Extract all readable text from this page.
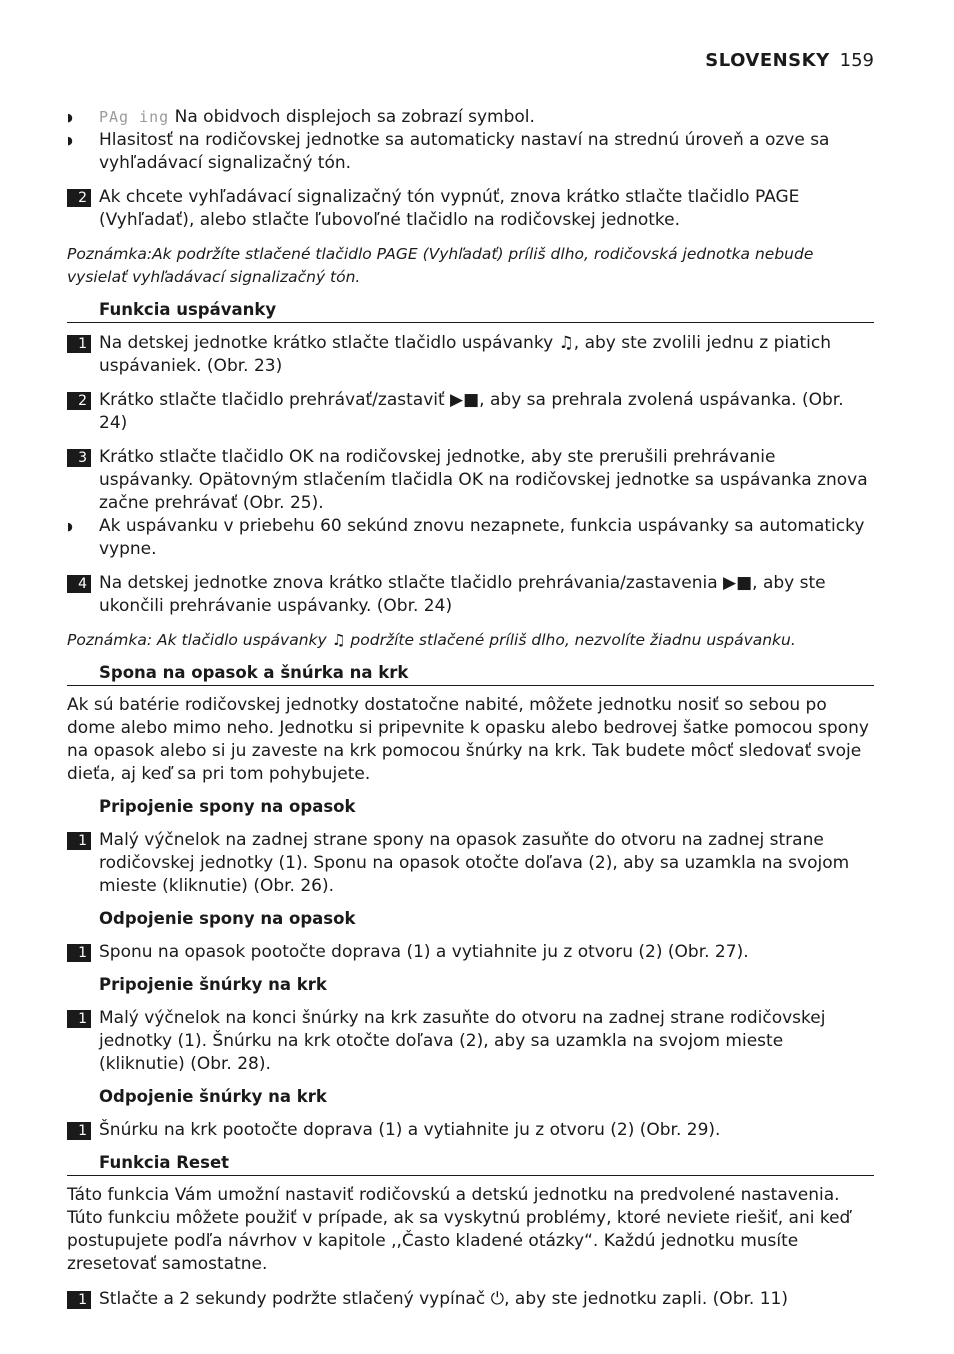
SLOVENSKY 159
◗ PAg ing Na obidvoch displejoch sa zobrazí symbol.
◗ Hlasitosť na rodičovskej jednotke sa automaticky nastaví na strednú úroveň a ozve sa vyhľadávací signalizačný tón.
2 Ak chcete vyhľadávací signalizačný tón vypnúť, znova krátko stlačte tlačidlo PAGE (Vyhľadať), alebo stlačte ľubovoľné tlačidlo na rodičovskej jednotke.
Poznámka:Ak podržíte stlačené tlačidlo PAGE (Vyhľadať) príliš dlho, rodičovská jednotka nebude vysielať vyhľadávací signalizačný tón.
Funkcia uspávanky
1 Na detskej jednotke krátko stlačte tlačidlo uspávanky ♫, aby ste zvolili jednu z piatich uspávaniek. (Obr. 23)
2 Krátko stlačte tlačidlo prehrávať/zastaviť ▶■, aby sa prehrala zvolená uspávanka. (Obr. 24)
3 Krátko stlačte tlačidlo OK na rodičovskej jednotke, aby ste prerušili prehrávanie uspávanky. Opätovným stlačením tlačidla OK na rodičovskej jednotke sa uspávanka znova začne prehrávať (Obr. 25).
◗ Ak uspávanku v priebehu 60 sekúnd znovu nezapnete, funkcia uspávanky sa automaticky vypne.
4 Na detskej jednotke znova krátko stlačte tlačidlo prehrávania/zastavenia ▶■, aby ste ukončili prehrávanie uspávanky. (Obr. 24)
Poznámka: Ak tlačidlo uspávanky ♫ podržíte stlačené príliš dlho, nezvolíte žiadnu uspávanku.
Spona na opasok a šnúrka na krk
Ak sú batérie rodičovskej jednotky dostatočne nabité, môžete jednotku nosiť so sebou po dome alebo mimo neho. Jednotku si pripevnite k opasku alebo bedrovej šatke pomocou spony na opasok alebo si ju zaveste na krk pomocou šnúrky na krk. Tak budete môcť sledovať svoje dieťa, aj keď sa pri tom pohybujete.
Pripojenie spony na opasok
1 Malý výčnelok na zadnej strane spony na opasok zasuňte do otvoru na zadnej strane rodičovskej jednotky (1). Sponu na opasok otočte doľava (2), aby sa uzamkla na svojom mieste (kliknutie) (Obr. 26).
Odpojenie spony na opasok
1 Sponu na opasok pootočte doprava (1) a vytiahnite ju z otvoru (2) (Obr. 27).
Pripojenie šnúrky na krk
1 Malý výčnelok na konci šnúrky na krk zasuňte do otvoru na zadnej strane rodičovskej jednotky (1). Šnúrku na krk otočte doľava (2), aby sa uzamkla na svojom mieste (kliknutie) (Obr. 28).
Odpojenie šnúrky na krk
1 Šnúrku na krk pootočte doprava (1) a vytiahnite ju z otvoru (2) (Obr. 29).
Funkcia Reset
Táto funkcia Vám umožní nastaviť rodičovskú a detskú jednotku na predvolené nastavenia. Túto funkciu môžete použiť v prípade, ak sa vyskytnú problémy, ktoré neviete riešiť, ani keď postupujete podľa návrhov v kapitole ,,Často kladené otázky“. Každú jednotku musíte zresetovať samostatne.
1 Stlačte a 2 sekundy podržte stlačený vypínač ⏻, aby ste jednotku zapli. (Obr. 11)
